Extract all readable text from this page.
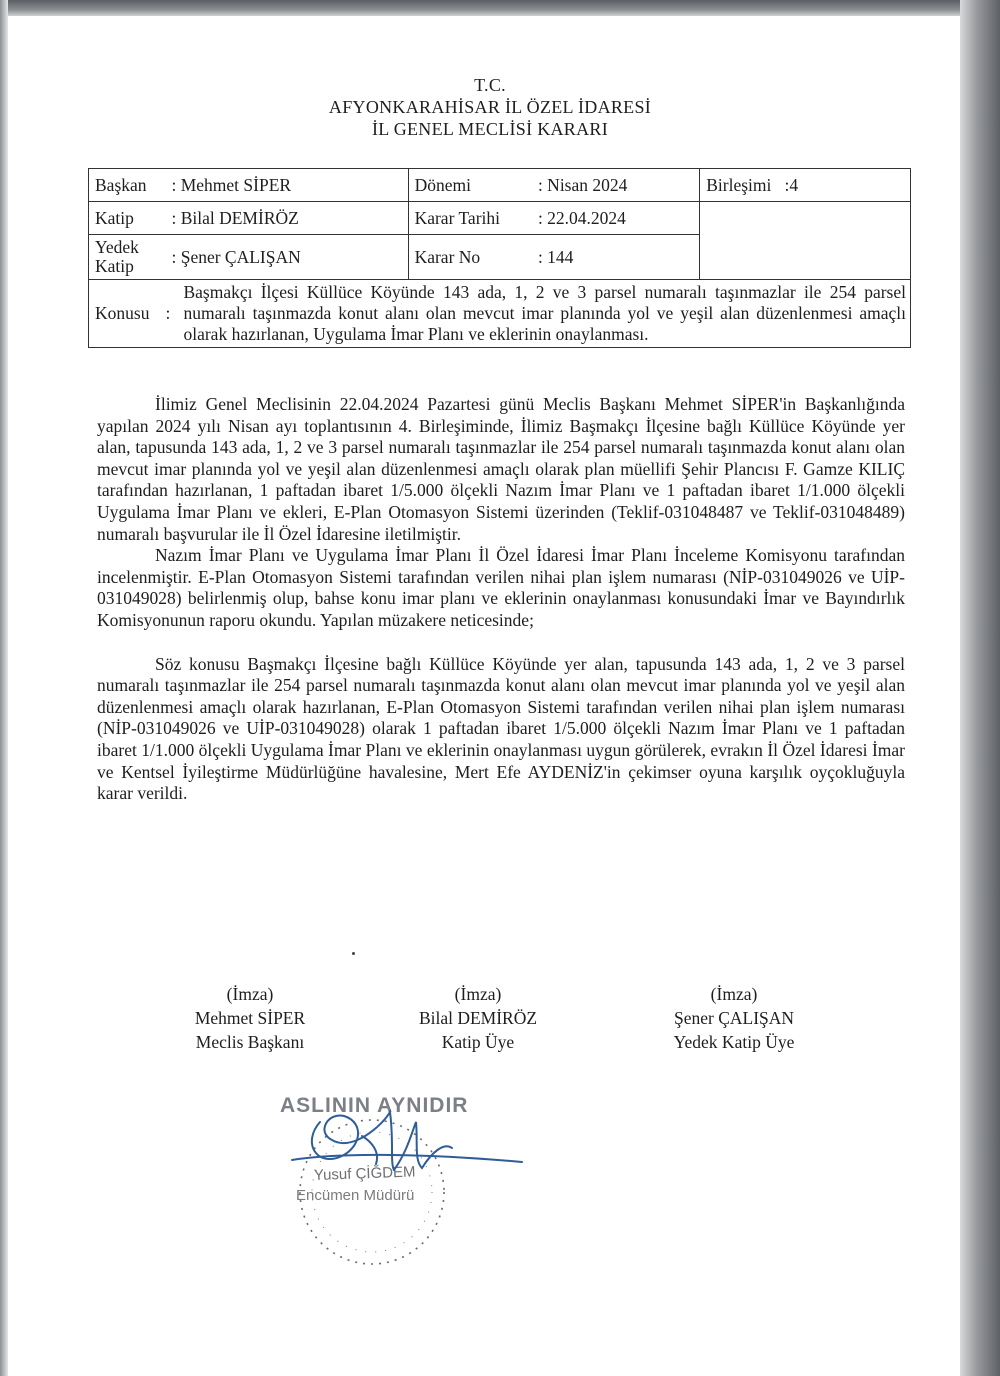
T.C.
AFYONKARAHİSAR İL ÖZEL İDARESİ
İL GENEL MECLİSİ KARARI
Başkan	: Mehmet SİPER	Dönemi	: Nisan 2024	Birleşimi   :4
Katip	: Bilal DEMİRÖZ	Karar Tarihi	: 22.04.2024	
Yedek
Katip	: Şener ÇALIŞAN	Karar No	: 144	
Konusu	:
Başmakçı İlçesi Küllüce Köyünde 143 ada, 1, 2 ve 3 parsel numaralı taşınmazlar ile 254 parsel numaralı taşınmazda konut alanı olan mevcut imar planında yol ve yeşil alan düzenlenmesi amaçlı olarak hazırlanan, Uygulama İmar Planı ve eklerinin onaylanması.			

İlimiz Genel Meclisinin 22.04.2024 Pazartesi günü Meclis Başkanı Mehmet SİPER'in Başkanlığında yapılan 2024 yılı Nisan ayı toplantısının 4. Birleşiminde, İlimiz Başmakçı İlçesine bağlı Küllüce Köyünde yer alan, tapusunda 143 ada, 1, 2 ve 3 parsel numaralı taşınmazlar ile 254 parsel numaralı taşınmazda konut alanı olan mevcut imar planında yol ve yeşil alan düzenlenmesi amaçlı olarak plan müellifi Şehir Plancısı F. Gamze KILIÇ tarafından hazırlanan, 1 paftadan ibaret 1/5.000 ölçekli Nazım İmar Planı ve 1 paftadan ibaret 1/1.000 ölçekli Uygulama İmar Planı ve ekleri, E-Plan Otomasyon Sistemi üzerinden (Teklif-031048487 ve Teklif-031048489) numaralı başvurular ile İl Özel İdaresine iletilmiştir.

Nazım İmar Planı ve Uygulama İmar Planı İl Özel İdaresi İmar Planı İnceleme Komisyonu tarafından incelenmiştir. E-Plan Otomasyon Sistemi tarafından verilen nihai plan işlem numarası (NİP-031049026 ve UİP-031049028) belirlenmiş olup, bahse konu imar planı ve eklerinin onaylanması konusundaki İmar ve Bayındırlık Komisyonunun raporu okundu. Yapılan müzakere neticesinde;

Söz konusu Başmakçı İlçesine bağlı Küllüce Köyünde yer alan, tapusunda 143 ada, 1, 2 ve 3 parsel numaralı taşınmazlar ile 254 parsel numaralı taşınmazda konut alanı olan mevcut imar planında yol ve yeşil alan düzenlenmesi amaçlı olarak hazırlanan, E-Plan Otomasyon Sistemi tarafından verilen nihai plan işlem numarası (NİP-031049026 ve UİP-031049028) olarak 1 paftadan ibaret 1/5.000 ölçekli Nazım İmar Planı ve 1 paftadan ibaret 1/1.000 ölçekli Uygulama İmar Planı ve eklerinin onaylanması uygun görülerek, evrakın İl Özel İdaresi İmar ve Kentsel İyileştirme Müdürlüğüne havalesine, Mert Efe AYDENİZ'in çekimser oyuna karşılık oyçokluğuyla karar verildi.

(İmza)
Mehmet SİPER
Meclis Başkanı
(İmza)
Bilal DEMİRÖZ
Katip Üye
(İmza)
Şener ÇALIŞAN
Yedek Katip Üye
ASLININ AYNIDIR
Yusuf ÇİĞDEM
Encümen Müdürü
